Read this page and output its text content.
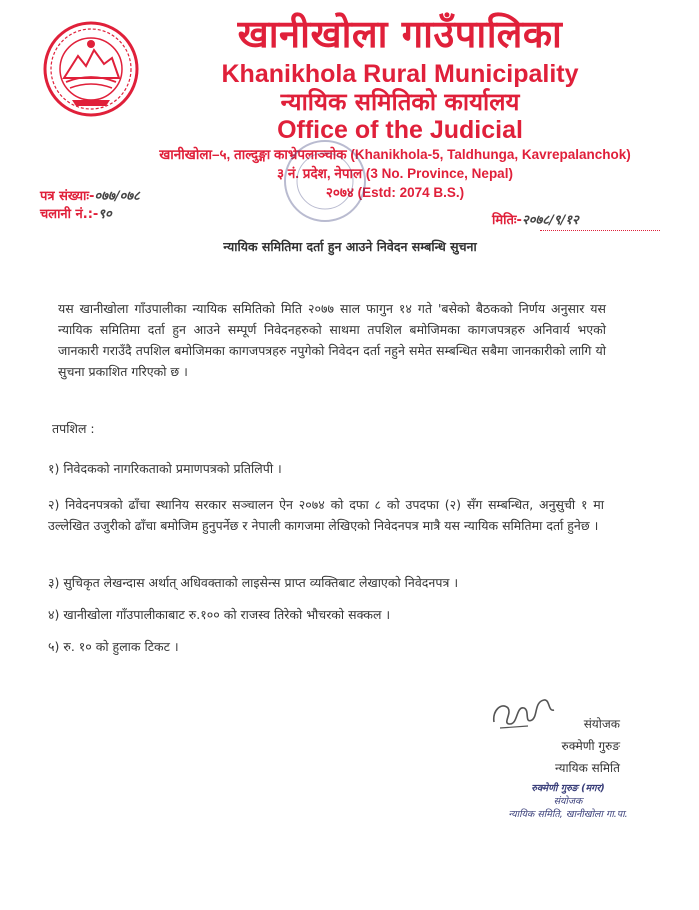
खानीखोला गाउँपालिका
Khanikhola Rural Municipality
न्यायिक समितिको कार्यालय
Office of the Judicial
खानीखोला–५, ताल्दुङ्गा काभ्रेपलाञ्चोक (Khanikhola-5, Taldhunga, Kavrepalanchok)
३ नं. प्रदेश, नेपाल (3 No. Province, Nepal)
२०७४ (Estd: 2074 B.S.)
पत्र संख्याः-०७७/०७८
चलानी नं.:-९०	मितिः-२०७८/९/१२
न्यायिक समितिमा दर्ता हुन आउने निवेदन सम्बन्धि सुचना
यस खानीखोला गाँउपालीका न्यायिक समितिको मिति २०७७ साल फागुन १४ गते 'बसेको बैठकको निर्णय अनुसार यस न्यायिक समितिमा दर्ता हुन आउने सम्पूर्ण निवेदनहरुको साथमा तपशिल बमोजिमका कागजपत्रहरु अनिवार्य भएको जानकारी गराउँदै तपशिल बमोजिमका कागजपत्रहरु नपुगेको निवेदन दर्ता नहुने समेत सम्बन्धित सबैमा जानकारीको लागि यो सुचना प्रकाशित गरिएको छ ।
तपशिल :
१) निवेदकको नागरिकताको प्रमाणपत्रको प्रतिलिपी ।
२) निवेदनपत्रको ढाँचा स्थानिय सरकार सञ्चालन ऐन २०७४ को दफा ८ को उपदफा (२) सँग सम्बन्धित, अनुसुची १ मा उल्लेखित उजुरीको ढाँचा बमोजिम हुनुपर्नेछ र नेपाली कागजमा लेखिएको निवेदनपत्र मात्रै यस न्यायिक समितिमा दर्ता हुनेछ ।
३) सुचिकृत लेखन्दास अर्थात् अधिवक्ताको लाइसेन्स प्राप्त व्यक्तिबाट लेखाएको निवेदनपत्र ।
४) खानीखोला गाँउपालीकाबाट रु.१०० को राजस्व तिरेको भौचरको सक्कल ।
५) रु. १० को हुलाक टिकट ।
संयोजक
रुक्मेणी गुरुङ
न्यायिक समिति
रुक्मेणी गुरुङ (मगर)
संयोजक
न्यायिक समिति, खानीखोला गा.पा.
